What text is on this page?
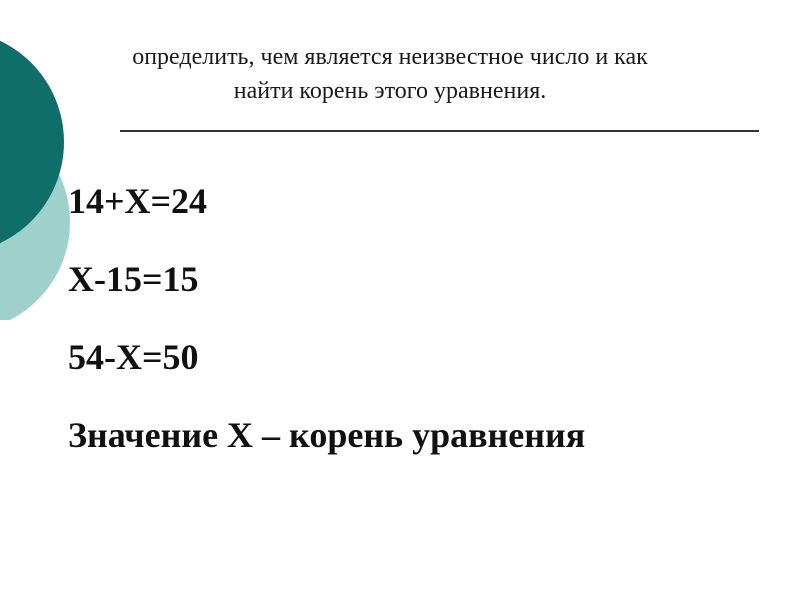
определить, чем является неизвестное число и как
найти корень этого уравнения.
14+Х=24
Х-15=15
54-Х=50
Значение Х – корень уравнения
